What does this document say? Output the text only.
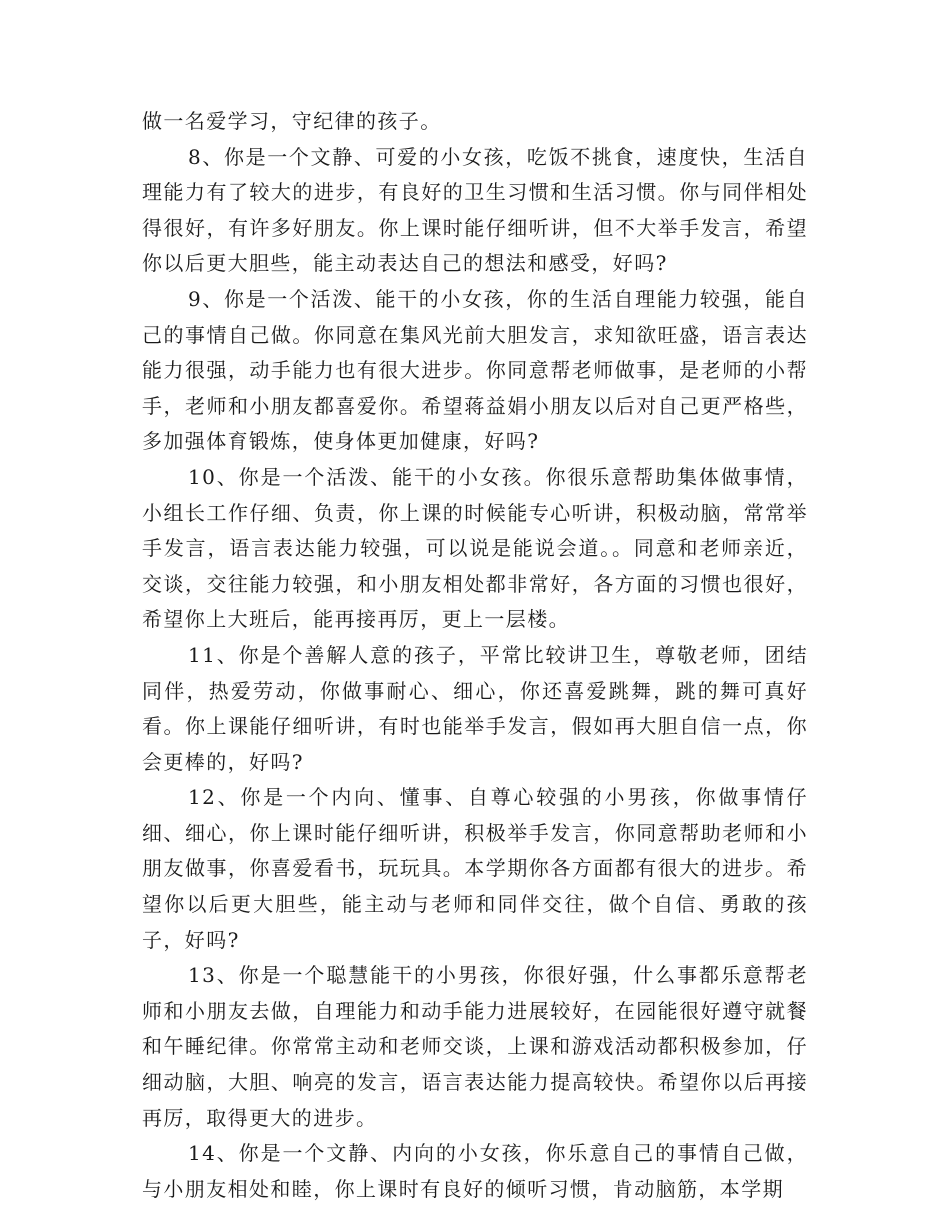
做一名爱学习，守纪律的孩子。

8、你是一个文静、可爱的小女孩，吃饭不挑食，速度快，生活自理能力有了较大的进步，有良好的卫生习惯和生活习惯。你与同伴相处得很好，有许多好朋友。你上课时能仔细听讲，但不大举手发言，希望你以后更大胆些，能主动表达自己的想法和感受，好吗?

9、你是一个活泼、能干的小女孩，你的生活自理能力较强，能自己的事情自己做。你同意在集风光前大胆发言，求知欲旺盛，语言表达能力很强，动手能力也有很大进步。你同意帮老师做事，是老师的小帮手，老师和小朋友都喜爱你。希望蒋益娟小朋友以后对自己更严格些，多加强体育锻炼，使身体更加健康，好吗?

10、你是一个活泼、能干的小女孩。你很乐意帮助集体做事情，小组长工作仔细、负责，你上课的时候能专心听讲，积极动脑，常常举手发言，语言表达能力较强，可以说是能说会道。。同意和老师亲近，交谈，交往能力较强，和小朋友相处都非常好，各方面的习惯也很好，希望你上大班后，能再接再厉，更上一层楼。

11、你是个善解人意的孩子，平常比较讲卫生，尊敬老师，团结同伴，热爱劳动，你做事耐心、细心，你还喜爱跳舞，跳的舞可真好看。你上课能仔细听讲，有时也能举手发言，假如再大胆自信一点，你会更棒的，好吗?

12、你是一个内向、懂事、自尊心较强的小男孩，你做事情仔细、细心，你上课时能仔细听讲，积极举手发言，你同意帮助老师和小朋友做事，你喜爱看书，玩玩具。本学期你各方面都有很大的进步。希望你以后更大胆些，能主动与老师和同伴交往，做个自信、勇敢的孩子，好吗?

13、你是一个聪慧能干的小男孩，你很好强，什么事都乐意帮老师和小朋友去做，自理能力和动手能力进展较好，在园能很好遵守就餐和午睡纪律。你常常主动和老师交谈，上课和游戏活动都积极参加，仔细动脑，大胆、响亮的发言，语言表达能力提高较快。希望你以后再接再厉，取得更大的进步。

14、你是一个文静、内向的小女孩，你乐意自己的事情自己做，与小朋友相处和睦，你上课时有良好的倾听习惯，肯动脑筋，本学期
